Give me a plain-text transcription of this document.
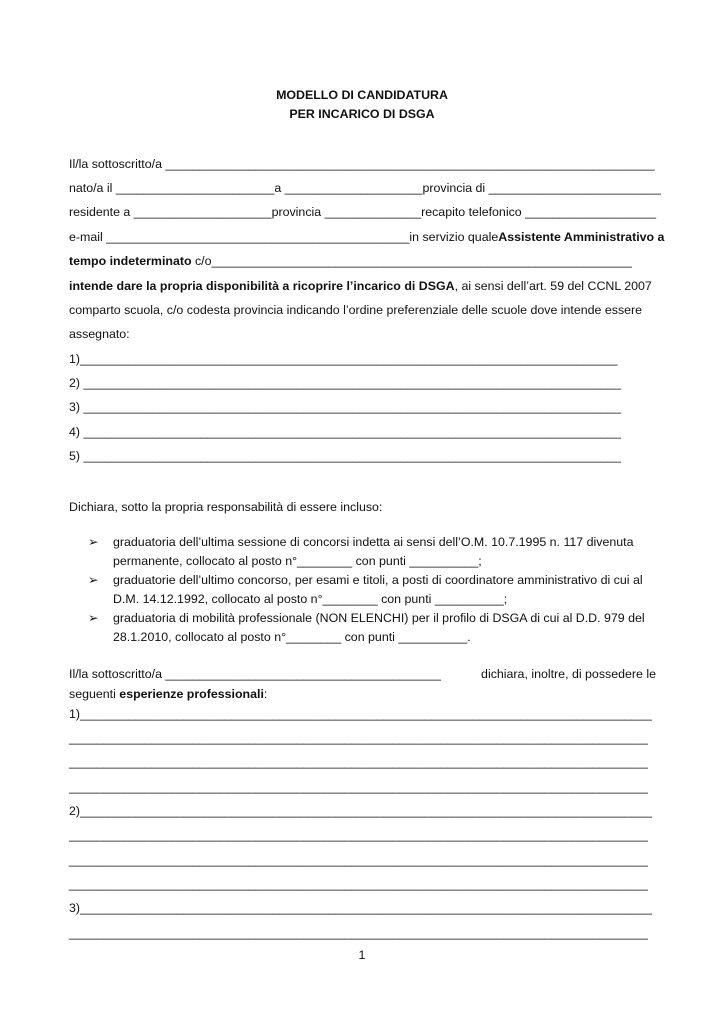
MODELLO DI CANDIDATURA
PER INCARICO DI DSGA
Il/la sottoscritto/a _______________________________________________________________________
nato/a il _______________________ a ____________________ provincia di _________________________
residente a ____________________ provincia ______________ recapito telefonico ___________________
e-mail ____________________________________________ in servizio quale Assistente Amministrativo a
tempo indeterminato c/o_____________________________________________________________
intende dare la propria disponibilità a ricoprire l’incarico di DSGA, ai sensi dell’art. 59 del CCNL 2007
comparto scuola, c/o codesta provincia indicando l’ordine preferenziale delle scuole dove intende essere
assegnato:
1)______________________________________________________________________________
2) ______________________________________________________________________________
3) ______________________________________________________________________________
4) ______________________________________________________________________________
5) ______________________________________________________________________________
Dichiara, sotto la propria responsabilità di essere incluso:
➢ graduatoria dell’ultima sessione di concorsi indetta ai sensi dell’O.M. 10.7.1995 n. 117 divenuta
permanente, collocato al posto n°________ con punti __________;
➢ graduatorie dell’ultimo concorso, per esami e titoli, a posti di coordinatore amministrativo di cui al
D.M. 14.12.1992, collocato al posto n°________ con punti __________;
➢ graduatoria di mobilità professionale (NON ELENCHI) per il profilo di DSGA di cui al D.D. 979 del
28.1.2010, collocato al posto n°________ con punti __________.
Il/la sottoscritto/a ________________________________________	dichiara, inoltre, di possedere le
seguenti esperienze professionali:
1)___________________________________________________________________________________
____________________________________________________________________________________
____________________________________________________________________________________
____________________________________________________________________________________
2)___________________________________________________________________________________
____________________________________________________________________________________
____________________________________________________________________________________
____________________________________________________________________________________
3)___________________________________________________________________________________
____________________________________________________________________________________
1
